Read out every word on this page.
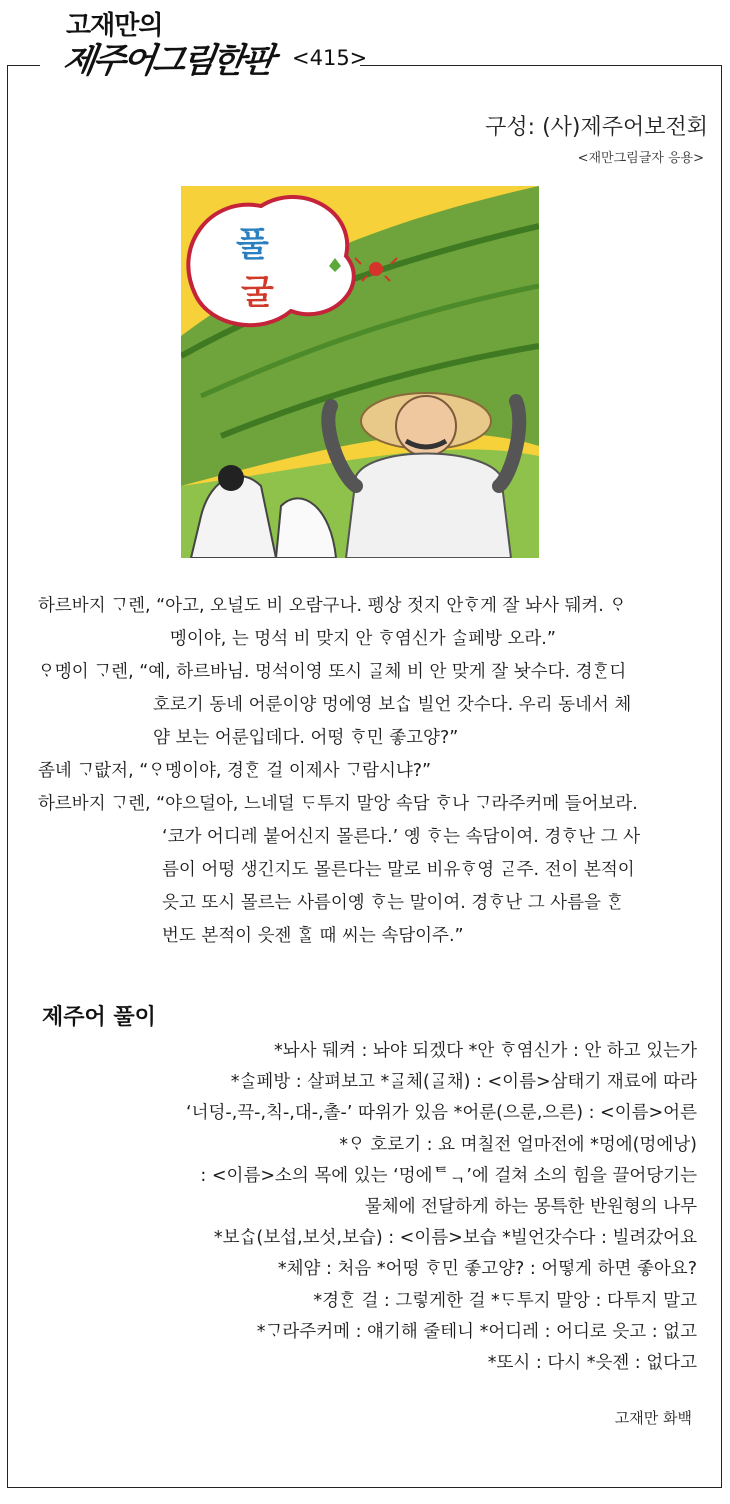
고재만의
제주어그림한판 <415>
구성: (사)제주어보전회
<재만그림글자 응용>
풀
굴
하르바지 ᄀᆞ렌, “아고, 오널도 비 오람구나. 펭상 젓지 안ᄒᆞ게 잘 놔사 뒈켜. ᄋᆞ
멩이야, 는 멍석 비 맞지 안 ᄒᆞ염신가 ᄉᆞᆯ페방 오라.”
ᄋᆞ멩이 ᄀᆞ렌, “예, 하르바님. 멍석이영 또시 ᄀᆞᆯ체 비 안 맞게 잘 놧수다. 경ᄒᆞᆫ디
호로기 동네 어룬이양 멍에영 보ᄉᆞᆸ 빌언 갓수다. 우리 동네서 체
얌 보는 어룬입데다. 어떵 ᄒᆞ민 좋고양?”
좀녜 ᄀᆞ랎저, “ᄋᆞ멩이야, 경ᄒᆞᆫ 걸 이제사 ᄀᆞ람시냐?”
하르바지 ᄀᆞ렌, “야으덜아, 느네덜 ᄃᆞ투지 말앙 속담 ᄒᆞ나 ᄀᆞ라주커메 들어보라.
‘코가 어디레 붙어신지 몰른다.’ 옝 ᄒᆞ는 속담이여. 경ᄒᆞ난 그 사
름이 어떵 생긴지도 몰른다는 말로 비유ᄒᆞ영 ᄀᆞᆮ주. 전이 본적이
읏고 또시 몰르는 사름이옝 ᄒᆞ는 말이여. 경ᄒᆞ난 그 사름을 ᄒᆞᆫ
번도 본적이 읏젠 ᄒᆞᆯ 때 씨는 속담이주.”
제주어 풀이
*놔사 뒈켜 : 놔야 되겠다 *안 ᄒᆞ염신가 : 안 하고 있는가
*ᄉᆞᆯ페방 : 살펴보고 *ᄀᆞᆯ체(ᄀᆞᆯ채) : <이름>삼태기 재료에 따라
‘너덩-,끅-,칙-,대-,촐-’ 따위가 있음 *어룬(으룬,으른) : <이름>어른
*ᄋᆞ 호로기 : 요 며칠전 얼마전에 *멍에(멍에낭)
: <이름>소의 목에 있는 ‘멍에ᄐᆨ’에 걸쳐 소의 힘을 끌어당기는
물체에 전달하게 하는 몽특한 반원형의 나무
*보ᄉᆞᆸ(보섭,보섯,보습) : <이름>보습 *빌언갓수다 : 빌려갔어요
*체얌 : 처음 *어떵 ᄒᆞ민 좋고양? : 어떻게 하면 좋아요?
*경ᄒᆞᆫ 걸 : 그렇게한 걸 *ᄃᆞ투지 말앙 : 다투지 말고
*ᄀᆞ라주커메 : 얘기해 줄테니 *어디레 : 어디로 읏고 : 없고
*또시 : 다시 *읏젠 : 없다고
고재만 화백
